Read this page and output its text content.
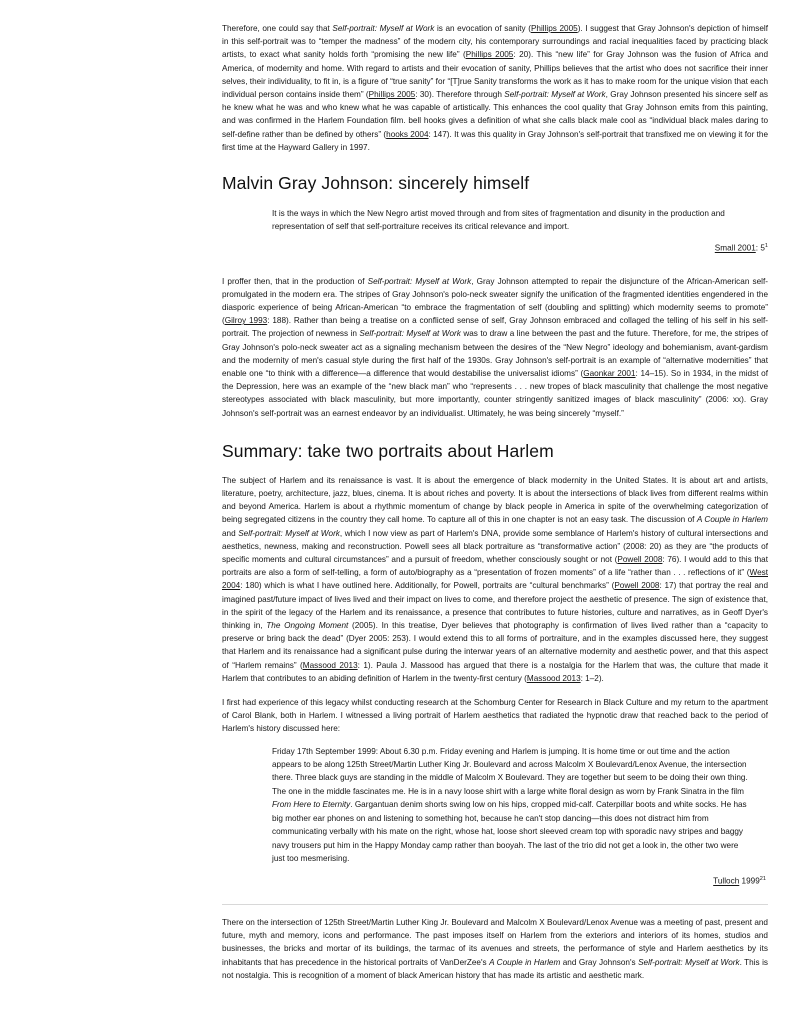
Therefore, one could say that Self-portrait: Myself at Work is an evocation of sanity (Phillips 2005). I suggest that Gray Johnson's depiction of himself in this self-portrait was to “temper the madness” of the modern city, his contemporary surroundings and racial inequalities faced by practicing black artists, to exact what sanity holds forth “promising the new life” (Phillips 2005: 20). This “new life” for Gray Johnson was the fusion of Africa and America, of modernity and home. With regard to artists and their evocation of sanity, Phillips believes that the artist who does not sacrifice their inner selves, their individuality, to fit in, is a figure of “true sanity” for “[T]rue Sanity transforms the work as it has to make room for the unique vision that each individual person contains inside them” (Phillips 2005: 30). Therefore through Self-portrait: Myself at Work, Gray Johnson presented his sincere self as he knew what he was and who knew what he was capable of artistically. This enhances the cool quality that Gray Johnson emits from this painting, and was confirmed in the Harlem Foundation film. bell hooks gives a definition of what she calls black male cool as “individual black males daring to self-define rather than be defined by others” (hooks 2004: 147). It was this quality in Gray Johnson's self-portrait that transfixed me on viewing it for the first time at the Hayward Gallery in 1997.

Malvin Gray Johnson: sincerely himself
It is the ways in which the New Negro artist moved through and from sites of fragmentation and disunity in the production and representation of self that self-portraiture receives its critical relevance and import.
Small 2001: $5^1$

I proffer then, that in the production of Self-portrait: Myself at Work, Gray Johnson attempted to repair the disjuncture of the African-American self-promulgated in the modern era. The stripes of Gray Johnson's polo-neck sweater signify the unification of the fragmented identities engendered in the diasporic experience of being African-American “to embrace the fragmentation of self (doubling and splitting) which modernity seems to promote” (Gilroy 1993: 188). Rather than being a treatise on a conflicted sense of self, Gray Johnson embraced and collaged the telling of his self in his self-portrait. The projection of newness in Self-portrait: Myself at Work was to draw a line between the past and the future. Therefore, for me, the stripes of Gray Johnson's polo-neck sweater act as a signaling mechanism between the desires of the “New Negro” ideology and bohemianism, avant-gardism and the modernity of men's casual style during the first half of the 1930s. Gray Johnson's self-portrait is an example of “alternative modernities” that enable one “to think with a difference—a difference that would destabilise the universalist idioms” (Gaonkar 2001: 14–15). So in 1934, in the midst of the Depression, here was an example of the “new black man” who “represents . . . new tropes of black masculinity that challenge the most negative stereotypes associated with black masculinity, but more importantly, counter stringently sanitized images of black masculinity” (2006: xx). Gray Johnson's self-portrait was an earnest endeavor by an individualist. Ultimately, he was being sincerely “myself.”

Summary: take two portraits about Harlem

The subject of Harlem and its renaissance is vast. It is about the emergence of black modernity in the United States. It is about art and artists, literature, poetry, architecture, jazz, blues, cinema. It is about riches and poverty. It is about the intersections of black lives from different realms within and beyond America. Harlem is about a rhythmic momentum of change by black people in America in spite of the overwhelming categorization of being segregated citizens in the country they call home. To capture all of this in one chapter is not an easy task. The discussion of A Couple in Harlem and Self-portrait: Myself at Work, which I now view as part of Harlem's DNA, provide some semblance of Harlem's history of cultural intersections and aesthetics, newness, making and reconstruction. Powell sees all black portraiture as “transformative action” (2008: 20) as they are “the products of specific moments and cultural circumstances” and a pursuit of freedom, whether consciously sought or not (Powell 2008: 76). I would add to this that portraits are also a form of self-telling, a form of auto/biography as a “presentation of frozen moments” of a life “rather than . . . reflections of it” (West 2004: 180) which is what I have outlined here. Additionally, for Powell, portraits are “cultural benchmarks” (Powell 2008: 17) that portray the real and imagined past/future impact of lives lived and their impact on lives to come, and therefore project the aesthetic of presence. The sign of existence that, in the spirit of the legacy of the Harlem and its renaissance, a presence that contributes to future histories, culture and narratives, as in Geoff Dyer's thinking in, The Ongoing Moment (2005). In this treatise, Dyer believes that photography is confirmation of lives lived rather than a “capacity to preserve or bring back the dead” (Dyer 2005: 253). I would extend this to all forms of portraiture, and in the examples discussed here, they suggest that Harlem and its renaissance had a significant pulse during the interwar years of an alternative modernity and aesthetic power, and that this aspect of “Harlem remains” (Massood 2013: 1). Paula J. Massood has argued that there is a nostalgia for the Harlem that was, the culture that made it Harlem that contributes to an abiding definition of Harlem in the twenty-first century (Massood 2013: 1–2).

I first had experience of this legacy whilst conducting research at the Schomburg Center for Research in Black Culture and my return to the apartment of Carol Blank, both in Harlem. I witnessed a living portrait of Harlem aesthetics that radiated the hypnotic draw that reached back to the period of Harlem's history discussed here:

Friday 17th September 1999: About 6.30 p.m. Friday evening and Harlem is jumping. It is home time or out time and the action appears to be along 125th Street/Martin Luther King Jr. Boulevard and across Malcolm X Boulevard/Lenox Avenue, the intersection there. Three black guys are standing in the middle of Malcolm X Boulevard. They are together but seem to be doing their own thing. The one in the middle fascinates me. He is in a navy loose shirt with a large white floral design as worn by Frank Sinatra in the film From Here to Eternity. Gargantuan denim shorts swing low on his hips, cropped mid-calf. Caterpillar boots and white socks. He has big mother ear phones on and listening to something hot, because he can't stop dancing—this does not distract him from communicating verbally with his mate on the right, whose hat, loose short sleeved cream top with sporadic navy stripes and baggy navy trousers put him in the Happy Monday camp rather than booyah. The last of the trio did not get a look in, the other two were just too mesmerising.
Tulloch 1999$^{21}$

There on the intersection of 125th Street/Martin Luther King Jr. Boulevard and Malcolm X Boulevard/Lenox Avenue was a meeting of past, present and future, myth and memory, icons and performance. The past imposes itself on Harlem from the exteriors and interiors of its homes, studios and businesses, the bricks and mortar of its buildings, the tarmac of its avenues and streets, the performance of style and Harlem aesthetics by its inhabitants that has precedence in the historical portraits of VanDerZee's A Couple in Harlem and Gray Johnson's Self-portrait: Myself at Work. This is not nostalgia. This is recognition of a moment of black American history that has made its artistic and aesthetic mark.
